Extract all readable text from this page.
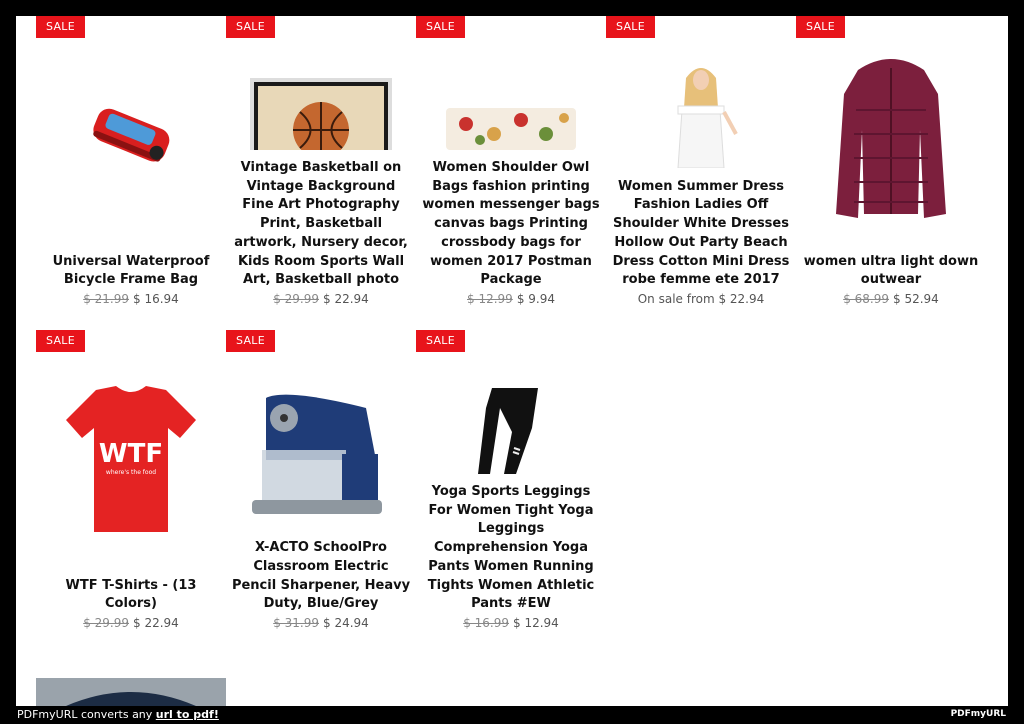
SALE
Universal Waterproof Bicycle Frame Bag
$ 21.99 $ 16.94
SALE
Vintage Basketball on Vintage Background Fine Art Photography Print, Basketball artwork, Nursery decor, Kids Room Sports Wall Art, Basketball photo
$ 29.99 $ 22.94
SALE
Women Shoulder Owl Bags fashion printing women messenger bags canvas bags Printing crossbody bags for women 2017 Postman Package
$ 12.99 $ 9.94
SALE
Women Summer Dress Fashion Ladies Off Shoulder White Dresses Hollow Out Party Beach Dress Cotton Mini Dress robe femme ete 2017
On sale from $ 22.94
SALE
women ultra light down outwear
$ 68.99 $ 52.94
WTF
where's the food
SALE
WTF T-Shirts - (13 Colors)
$ 29.99 $ 22.94
SALE
X-ACTO SchoolPro Classroom Electric Pencil Sharpener, Heavy Duty, Blue/Grey
$ 31.99 $ 24.94
SALE
Yoga Sports Leggings For Women Tight Yoga Leggings Comprehension Yoga Pants Women Running Tights Women Athletic Pants #EW
$ 16.99 $ 12.94
PDFmyURL converts any url to pdf!	PDFmyURL
